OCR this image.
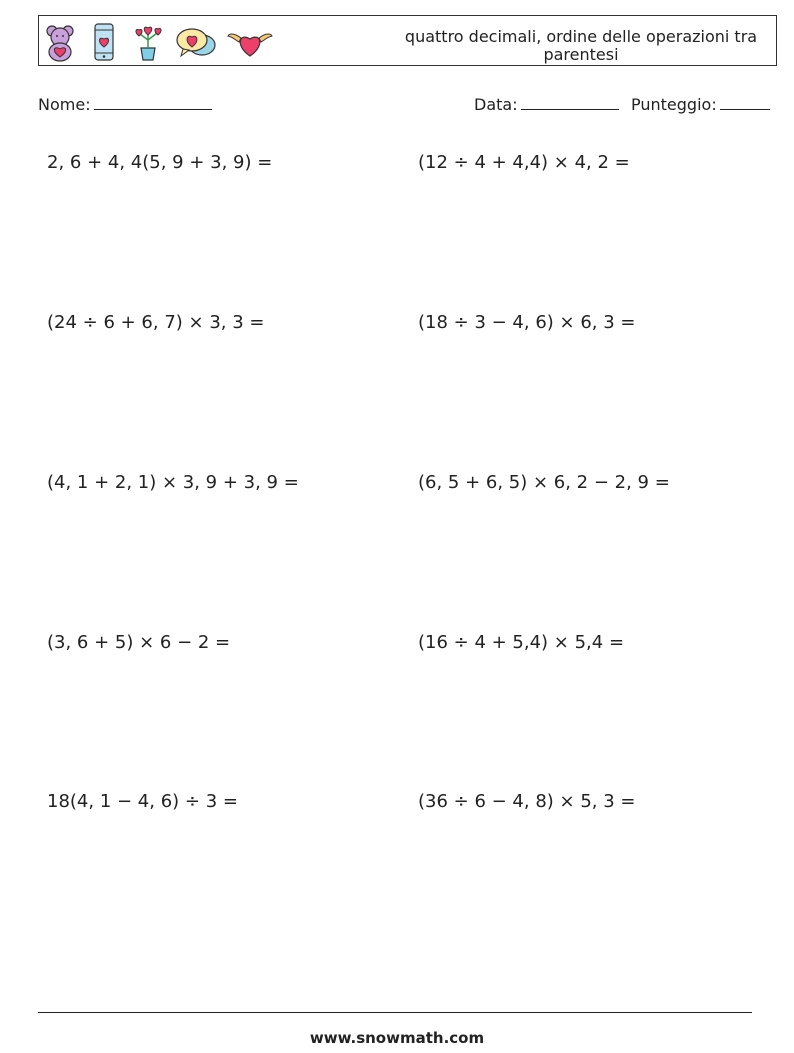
quattro decimali, ordine delle operazioni tra parentesi
Nome:	Data:	Punteggio:
2, 6 + 4, 4(5, 9 + 3, 9) =	(12 ÷ 4 + 4,4) × 4, 2 =
(24 ÷ 6 + 6, 7) × 3, 3 =	(18 ÷ 3 − 4, 6) × 6, 3 =
(4, 1 + 2, 1) × 3, 9 + 3, 9 =	(6, 5 + 6, 5) × 6, 2 − 2, 9 =
(3, 6 + 5) × 6 − 2 =	(16 ÷ 4 + 5,4) × 5,4 =
18(4, 1 − 4, 6) ÷ 3 =	(36 ÷ 6 − 4, 8) × 5, 3 =
www.snowmath.com
